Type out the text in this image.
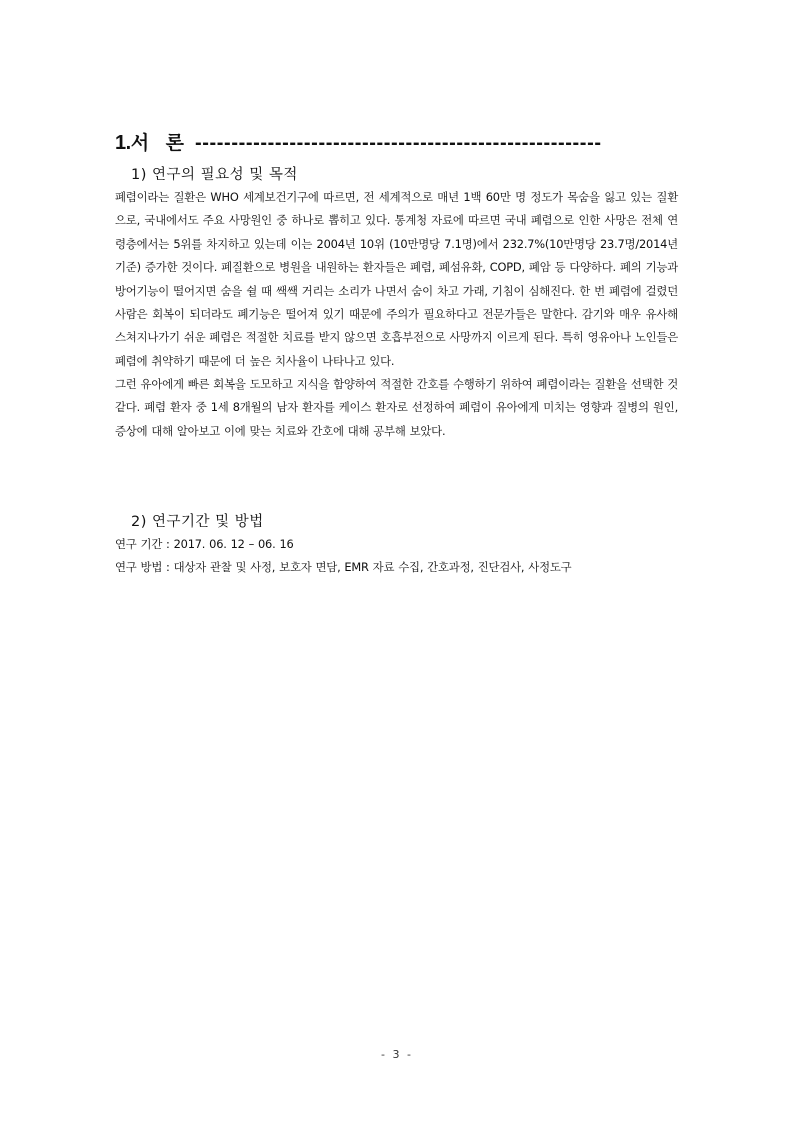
1. 서 론 --------------------------------------------------------
1) 연구의 필요성 및 목적
폐렴이라는 질환은 WHO 세계보건기구에 따르면, 전 세계적으로 매년 1백 60만 명 정도가 목숨을 잃고 있는 질환으로, 국내에서도 주요 사망원인 중 하나로 뽑히고 있다. 통계청 자료에 따르면 국내 폐렴으로 인한 사망은 전체 연령층에서는 5위를 차지하고 있는데 이는 2004년 10위 (10만명당 7.1명)에서 232.7%(10만명당 23.7명/2014년 기준) 증가한 것이다. 폐질환으로 병원을 내원하는 환자들은 폐렴, 폐섬유화, COPD, 폐암 등 다양하다. 폐의 기능과 방어기능이 떨어지면 숨을 쉴 때 쌕쌕 거리는 소리가 나면서 숨이 차고 가래, 기침이 심해진다. 한 번 폐렴에 걸렸던 사람은 회복이 되더라도 폐기능은 떨어져 있기 때문에 주의가 필요하다고 전문가들은 말한다. 감기와 매우 유사해 스쳐지나가기 쉬운 폐렴은 적절한 치료를 받지 않으면 호흡부전으로 사망까지 이르게 된다. 특히 영유아나 노인들은 폐렴에 취약하기 때문에 더 높은 치사율이 나타나고 있다.
그런 유아에게 빠른 회복을 도모하고 지식을 함양하여 적절한 간호를 수행하기 위하여 폐렴이라는 질환을 선택한 것 같다. 폐렴 환자 중 1세 8개월의 남자 환자를 케이스 환자로 선정하여 폐렴이 유아에게 미치는 영향과 질병의 원인, 증상에 대해 알아보고 이에 맞는 치료와 간호에 대해 공부해 보았다.
2) 연구기간 및 방법
연구 기간 : 2017. 06. 12 – 06. 16
연구 방법 : 대상자 관찰 및 사정, 보호자 면담, EMR 자료 수집, 간호과정, 진단검사, 사정도구
- 3 -
